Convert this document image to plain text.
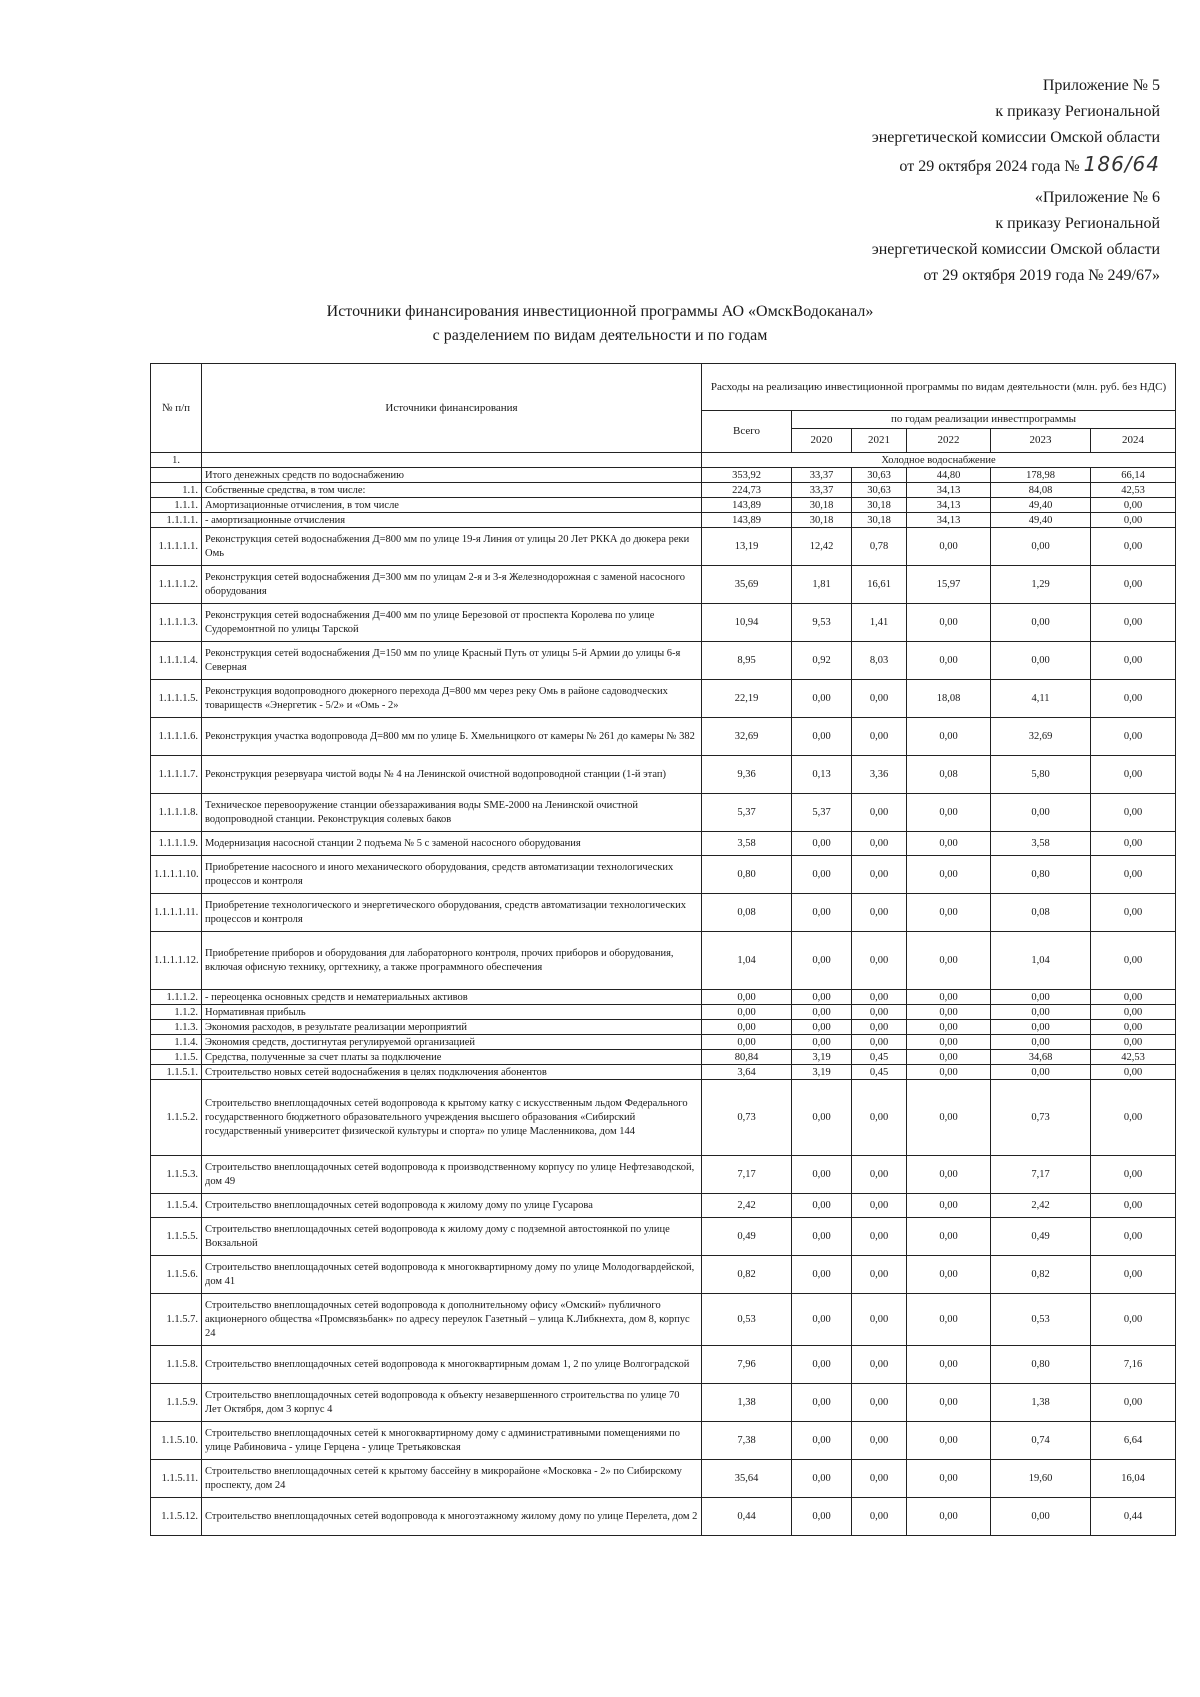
Приложение № 5
к приказу Региональной
энергетической комиссии Омской области
от 29 октября 2024 года № 186/64
«Приложение № 6
к приказу Региональной
энергетической комиссии Омской области
от 29 октября 2019 года № 249/67»
Источники финансирования инвестиционной программы АО «ОмскВодоканал»
с разделением по видам деятельности и по годам
№ п/п	Источники финансирования	Расходы на реализацию инвестиционной программы по видам деятельности (млн. руб. без НДС)					
		Всего	по годам реализации инвестпрограммы				
			2020	2021	2022	2023	2024
1.		Холодное водоснабжение					
	Итого денежных средств по водоснабжению	353,92	33,37	30,63	44,80	178,98	66,14
1.1.	Собственные средства, в том числе:	224,73	33,37	30,63	34,13	84,08	42,53
1.1.1.	Амортизационные отчисления, в том числе	143,89	30,18	30,18	34,13	49,40	0,00
1.1.1.1.	- амортизационные отчисления	143,89	30,18	30,18	34,13	49,40	0,00
1.1.1.1.1.	Реконструкция сетей водоснабжения Д=800 мм по улице 19-я Линия от улицы 20 Лет РККА до дюкера реки Омь	13,19	12,42	0,78	0,00	0,00	0,00
1.1.1.1.2.	Реконструкция сетей водоснабжения Д=300 мм по улицам 2-я и 3-я Железнодорожная с заменой насосного оборудования	35,69	1,81	16,61	15,97	1,29	0,00
1.1.1.1.3.	Реконструкция сетей водоснабжения Д=400 мм по улице Березовой от проспекта Королева по улице Судоремонтной по улицы Тарской	10,94	9,53	1,41	0,00	0,00	0,00
1.1.1.1.4.	Реконструкция сетей водоснабжения Д=150 мм по улице Красный Путь от улицы 5-й Армии до улицы 6-я Северная	8,95	0,92	8,03	0,00	0,00	0,00
1.1.1.1.5.	Реконструкция водопроводного дюкерного перехода Д=800 мм через реку Омь в районе садоводческих товариществ «Энергетик - 5/2» и «Омь - 2»	22,19	0,00	0,00	18,08	4,11	0,00
1.1.1.1.6.	Реконструкция участка водопровода Д=800 мм по улице Б. Хмельницкого от камеры № 261 до камеры № 382	32,69	0,00	0,00	0,00	32,69	0,00
1.1.1.1.7.	Реконструкция резервуара чистой воды № 4 на Ленинской очистной водопроводной станции (1-й этап)	9,36	0,13	3,36	0,08	5,80	0,00
1.1.1.1.8.	Техническое перевооружение станции обеззараживания воды SME-2000 на Ленинской очистной водопроводной станции. Реконструкция солевых баков	5,37	5,37	0,00	0,00	0,00	0,00
1.1.1.1.9.	Модернизация насосной станции 2 подъема № 5 с заменой насосного оборудования	3,58	0,00	0,00	0,00	3,58	0,00
1.1.1.1.10.	Приобретение насосного и иного механического оборудования, средств автоматизации технологических процессов и контроля	0,80	0,00	0,00	0,00	0,80	0,00
1.1.1.1.11.	Приобретение технологического и энергетического оборудования, средств автоматизации технологических процессов и контроля	0,08	0,00	0,00	0,00	0,08	0,00
1.1.1.1.12.	Приобретение приборов и оборудования для лабораторного контроля, прочих приборов и оборудования, включая офисную технику, оргтехнику, а также программного обеспечения	1,04	0,00	0,00	0,00	1,04	0,00
1.1.1.2.	- переоценка основных средств и нематериальных активов	0,00	0,00	0,00	0,00	0,00	0,00
1.1.2.	Нормативная прибыль	0,00	0,00	0,00	0,00	0,00	0,00
1.1.3.	Экономия расходов, в результате реализации мероприятий	0,00	0,00	0,00	0,00	0,00	0,00
1.1.4.	Экономия средств, достигнутая регулируемой организацией	0,00	0,00	0,00	0,00	0,00	0,00
1.1.5.	Средства, полученные за счет платы за подключение	80,84	3,19	0,45	0,00	34,68	42,53
1.1.5.1.	Строительство новых сетей водоснабжения в целях подключения абонентов	3,64	3,19	0,45	0,00	0,00	0,00
1.1.5.2.	Строительство внеплощадочных сетей водопровода к крытому катку с искусственным льдом Федерального государственного бюджетного образовательного учреждения высшего образования «Сибирский государственный университет физической культуры и спорта» по улице Масленникова, дом 144	0,73	0,00	0,00	0,00	0,73	0,00
1.1.5.3.	Строительство внеплощадочных сетей водопровода к производственному корпусу по улице Нефтезаводской, дом 49	7,17	0,00	0,00	0,00	7,17	0,00
1.1.5.4.	Строительство внеплощадочных сетей водопровода к жилому дому по улице Гусарова	2,42	0,00	0,00	0,00	2,42	0,00
1.1.5.5.	Строительство внеплощадочных сетей водопровода к жилому дому с подземной автостоянкой по улице Вокзальной	0,49	0,00	0,00	0,00	0,49	0,00
1.1.5.6.	Строительство внеплощадочных сетей водопровода к многоквартирному дому по улице Молодогвардейской, дом 41	0,82	0,00	0,00	0,00	0,82	0,00
1.1.5.7.	Строительство внеплощадочных сетей водопровода к дополнительному офису «Омский» публичного акционерного общества «Промсвязьбанк» по адресу переулок Газетный – улица К.Либкнехта, дом 8, корпус 24	0,53	0,00	0,00	0,00	0,53	0,00
1.1.5.8.	Строительство внеплощадочных сетей водопровода к многоквартирным домам 1, 2 по улице Волгоградской	7,96	0,00	0,00	0,00	0,80	7,16
1.1.5.9.	Строительство внеплощадочных сетей водопровода к объекту незавершенного строительства по улице 70 Лет Октября, дом 3 корпус 4	1,38	0,00	0,00	0,00	1,38	0,00
1.1.5.10.	Строительство внеплощадочных сетей к многоквартирному дому с административными помещениями по улице Рабиновича - улице Герцена - улице Третьяковская	7,38	0,00	0,00	0,00	0,74	6,64
1.1.5.11.	Строительство внеплощадочных сетей к крытому бассейну в микрорайоне «Московка - 2» по Сибирскому проспекту, дом 24	35,64	0,00	0,00	0,00	19,60	16,04
1.1.5.12.	Строительство внеплощадочных сетей водопровода к многоэтажному жилому дому по улице Перелета, дом 2	0,44	0,00	0,00	0,00	0,00	0,44
